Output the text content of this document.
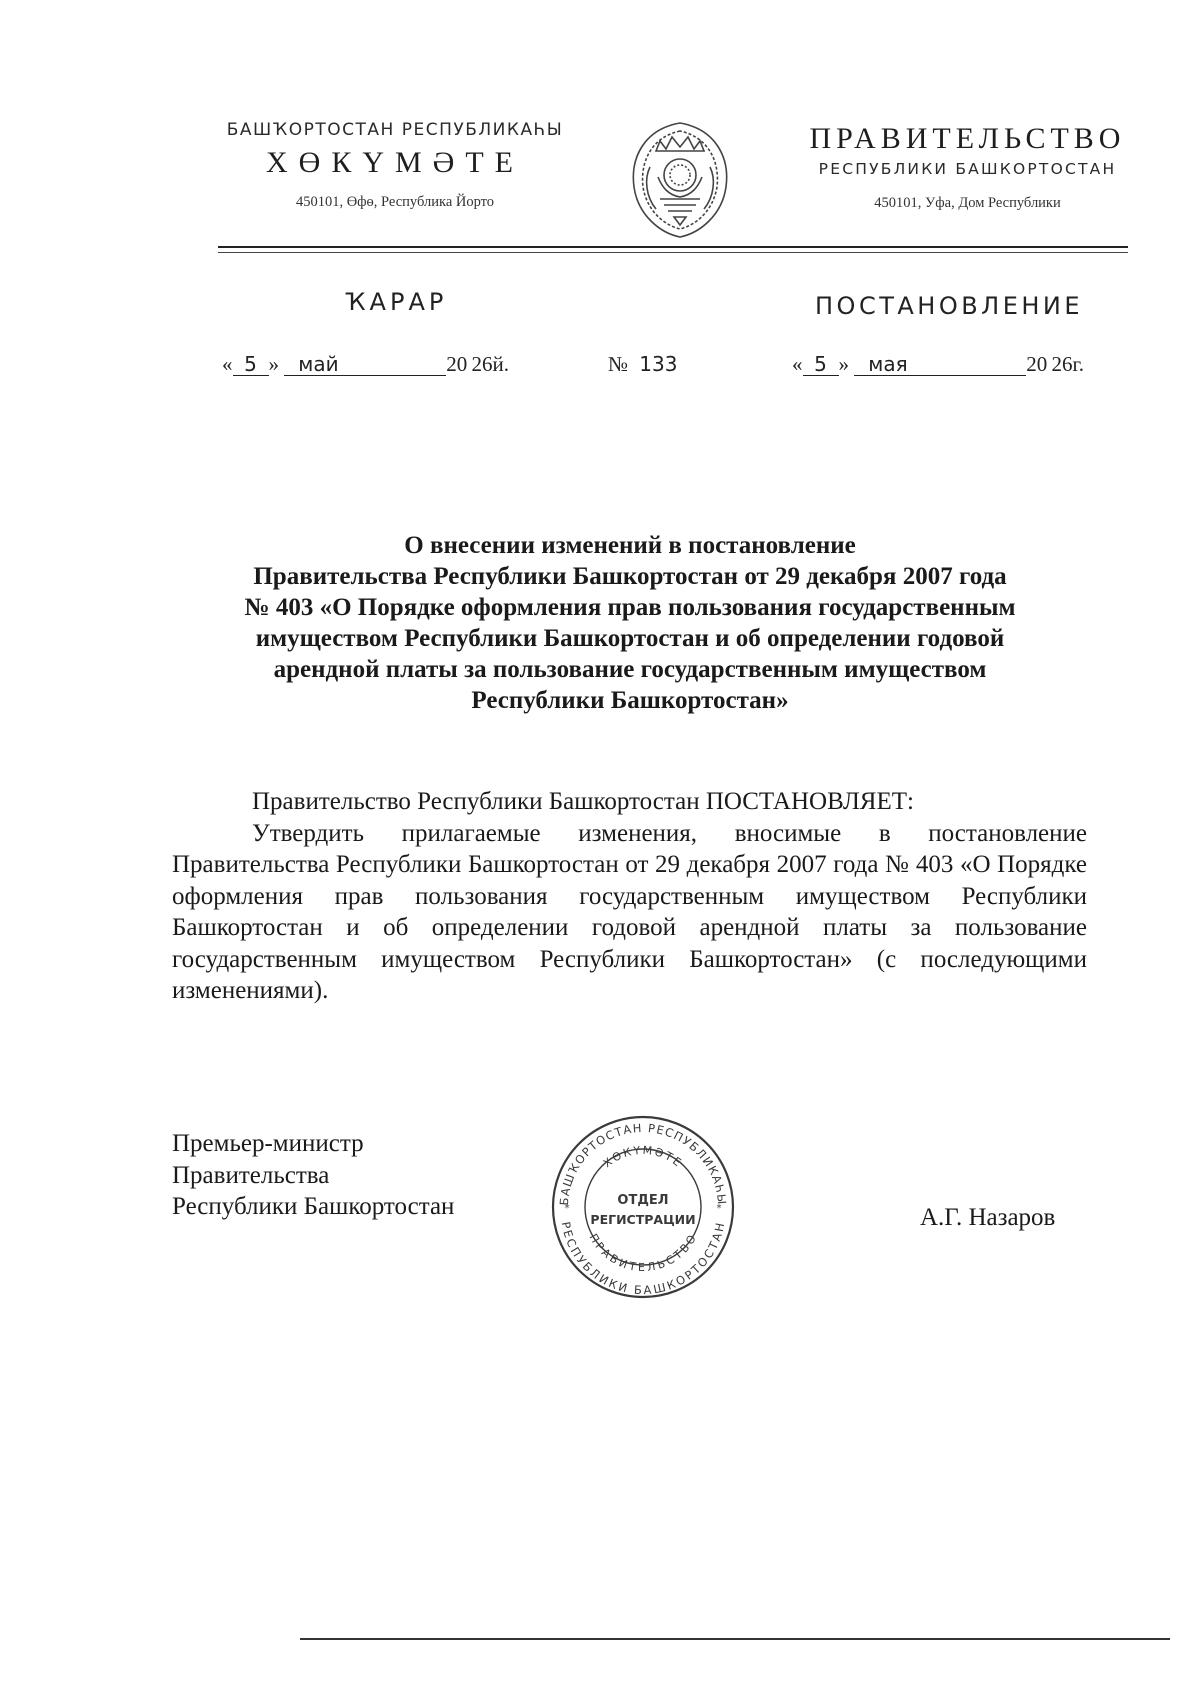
БАШҠОРТОСТАН РЕСПУБЛИКАҺЫ
ХӨКҮМӘТЕ
450101, Өфө, Республика Йорто
ПРАВИТЕЛЬСТВО
РЕСПУБЛИКИ БАШКОРТОСТАН
450101, Уфа, Дом Республики
ҠАРАР	ПОСТАНОВЛЕНИЕ
« 5 » май	20  26й.	№ 133	« 5 » мая	20  26г.
О внесении изменений в постановление
Правительства Республики Башкортостан от 29 декабря 2007 года
№ 403 «О Порядке оформления прав пользования государственным
имуществом Республики Башкортостан и об определении годовой
арендной платы за пользование государственным имуществом
Республики Башкортостан»

Правительство Республики Башкортостан ПОСТАНОВЛЯЕТ:

Утвердить прилагаемые изменения, вносимые в постановление Правительства Республики Башкортостан от 29 декабря 2007 года № 403 «О Порядке оформления прав пользования государственным имуществом Республики Башкортостан и об определении годовой арендной платы за пользование государственным имуществом Республики Башкортостан» (с последующими изменениями).

Премьер-министр
Правительства
Республики Башкортостан	А.Г. Назаров
БАШҠОРТОСТАН РЕСПУБЛИКАҺЫ
ХӨКҮМӘТЕ
РЕСПУБЛИКИ БАШКОРТОСТАН
ПРАВИТЕЛЬСТВО
ОТДЕЛ
РЕГИСТРАЦИИ
*	*
